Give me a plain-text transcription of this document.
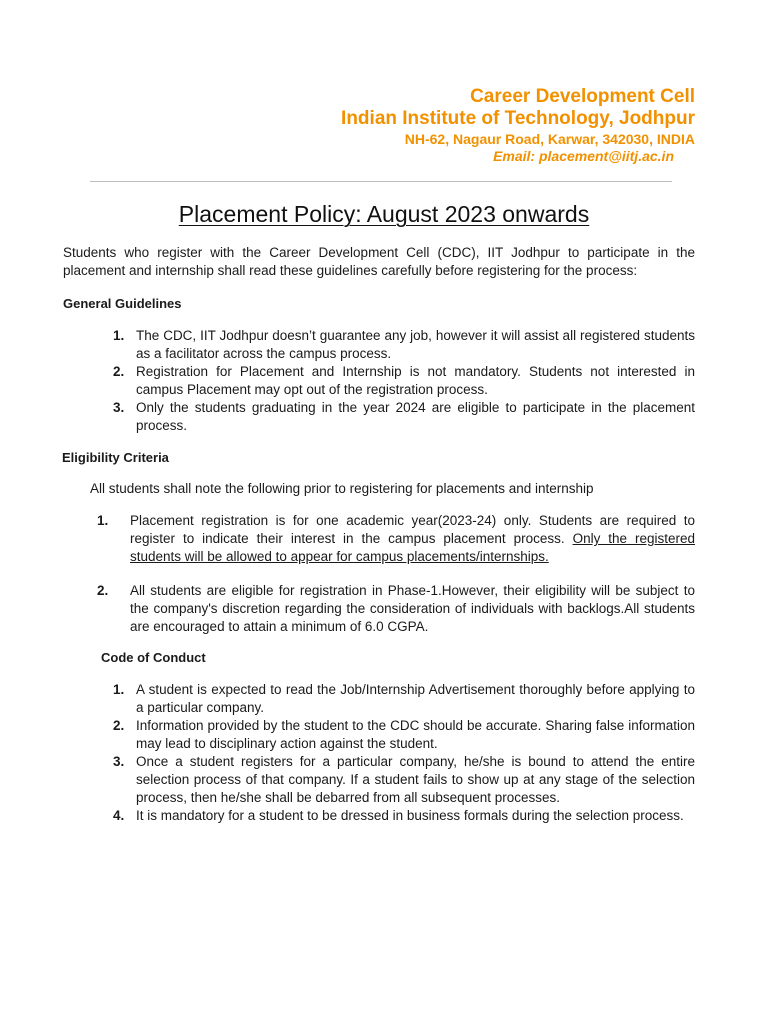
Career Development Cell
Indian Institute of Technology, Jodhpur
NH-62, Nagaur Road, Karwar, 342030, INDIA
Email: placement@iitj.ac.in
Placement Policy: August 2023 onwards
Students who register with the Career Development Cell (CDC), IIT Jodhpur to participate in the placement and internship shall read these guidelines carefully before registering for the process:
General Guidelines
1. The CDC, IIT Jodhpur doesn’t guarantee any job, however it will assist all registered students as a facilitator across the campus process.
2. Registration for Placement and Internship is not mandatory. Students not interested in campus Placement may opt out of the registration process.
3. Only the students graduating in the year 2024 are eligible to participate in the placement process.
Eligibility Criteria
All students shall note the following prior to registering for placements and internship
1. Placement registration is for one academic year(2023-24) only. Students are required to register to indicate their interest in the campus placement process. Only the registered students will be allowed to appear for campus placements/internships.
2. All students are eligible for registration in Phase-1.However, their eligibility will be subject to the company's discretion regarding the consideration of individuals with backlogs.All students are encouraged to attain a minimum of 6.0 CGPA.
Code of Conduct
1. A student is expected to read the Job/Internship Advertisement thoroughly before applying to a particular company.
2. Information provided by the student to the CDC should be accurate. Sharing false information may lead to disciplinary action against the student.
3. Once a student registers for a particular company, he/she is bound to attend the entire selection process of that company. If a student fails to show up at any stage of the selection process, then he/she shall be debarred from all subsequent processes.
4. It is mandatory for a student to be dressed in business formals during the selection process.
